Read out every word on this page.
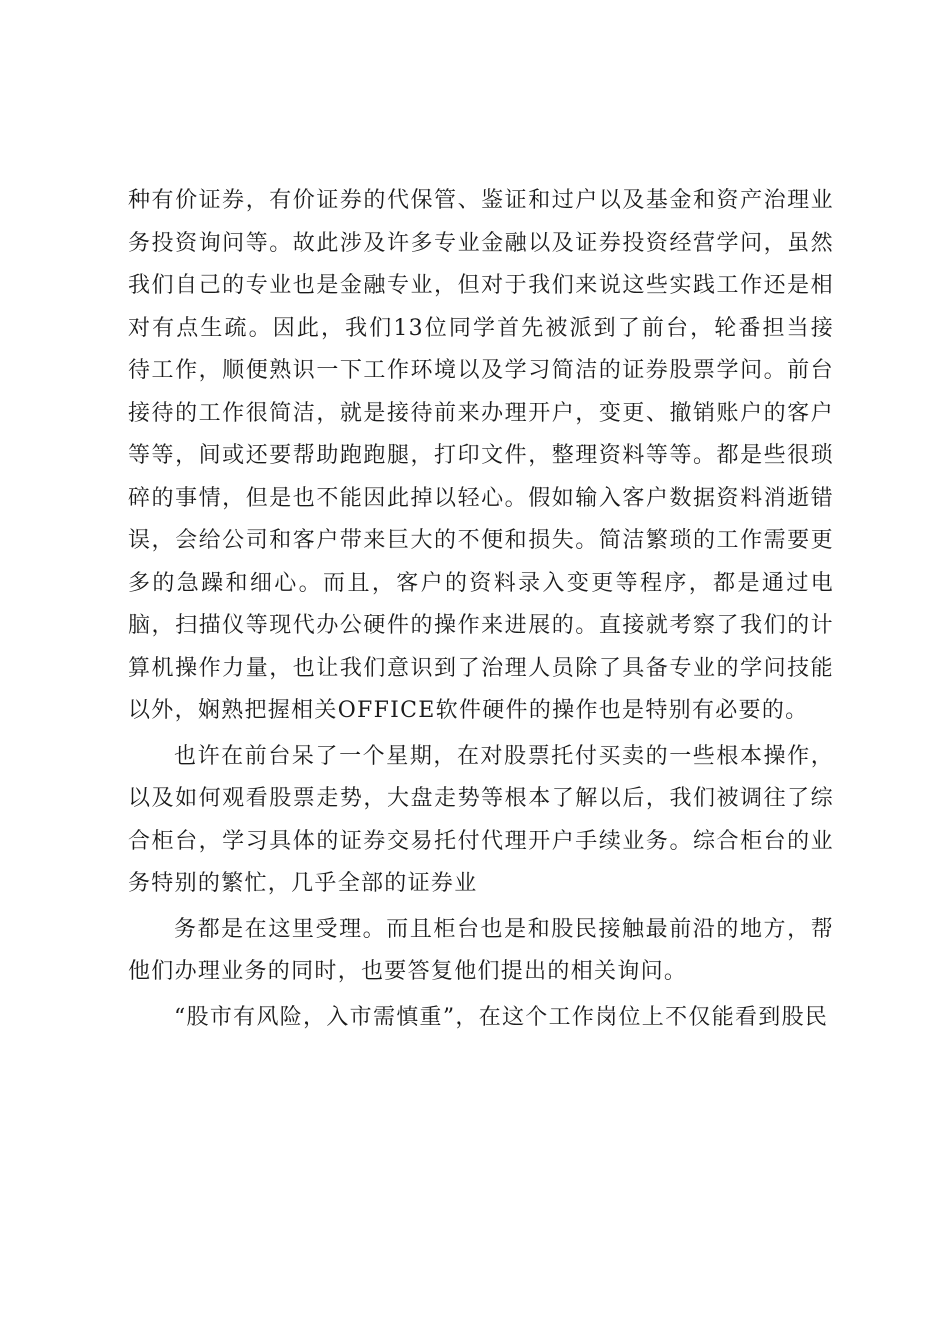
种有价证券，有价证券的代保管、鉴证和过户以及基金和资产治理业务投资询问等。故此涉及许多专业金融以及证券投资经营学问，虽然我们自己的专业也是金融专业，但对于我们来说这些实践工作还是相对有点生疏。因此，我们13位同学首先被派到了前台，轮番担当接待工作，顺便熟识一下工作环境以及学习简洁的证券股票学问。前台接待的工作很简洁，就是接待前来办理开户，变更、撤销账户的客户等等，间或还要帮助跑跑腿，打印文件，整理资料等等。都是些很琐碎的事情，但是也不能因此掉以轻心。假如输入客户数据资料消逝错误，会给公司和客户带来巨大的不便和损失。简洁繁琐的工作需要更多的急躁和细心。而且，客户的资料录入变更等程序，都是通过电脑，扫描仪等现代办公硬件的操作来进展的。直接就考察了我们的计算机操作力量，也让我们意识到了治理人员除了具备专业的学问技能以外，娴熟把握相关OFFICE软件硬件的操作也是特别有必要的。

也许在前台呆了一个星期，在对股票托付买卖的一些根本操作，以及如何观看股票走势，大盘走势等根本了解以后，我们被调往了综合柜台，学习具体的证券交易托付代理开户手续业务。综合柜台的业务特别的繁忙，几乎全部的证券业

务都是在这里受理。而且柜台也是和股民接触最前沿的地方，帮他们办理业务的同时，也要答复他们提出的相关询问。

“股市有风险，入市需慎重”，在这个工作岗位上不仅能看到股民
